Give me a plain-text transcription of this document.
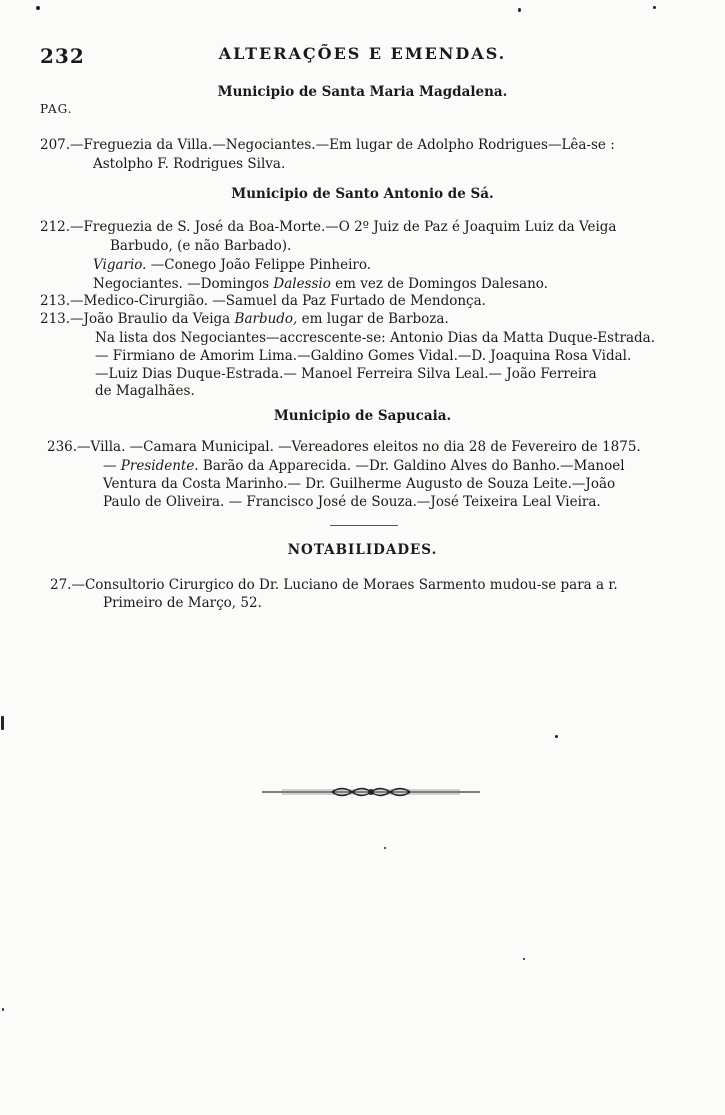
232	ALTERAÇÕES E EMENDAS.
Municipio de Santa Maria Magdalena.
PAG.
207.—Freguezia da Villa.—Negociantes.—Em lugar de Adolpho Rodrigues—Lêa-se :
Astolpho F. Rodrigues Silva.
Municipio de Santo Antonio de Sá.
212.—Freguezia de S. José da Boa-Morte.—O 2º Juiz de Paz é Joaquim Luiz da Veiga
Barbudo, (e não Barbado).
Vigario. —Conego João Felippe Pinheiro.
Negociantes. —Domingos Dalessio em vez de Domingos Dalesano.
213.—Medico-Cirurgião. —Samuel da Paz Furtado de Mendonça.
213.—João Braulio da Veiga Barbudo, em lugar de Barboza.
Na lista dos Negociantes—accrescente-se: Antonio Dias da Matta Duque-Estrada.
— Firmiano de Amorim Lima.—Galdino Gomes Vidal.—D. Joaquina Rosa Vidal.
—Luiz Dias Duque-Estrada.— Manoel Ferreira Silva Leal.— João Ferreira
de Magalhães.
Municipio de Sapucaia.
236.—Villa. —Camara Municipal. —Vereadores eleitos no dia 28 de Fevereiro de 1875.
— Presidente. Barão da Apparecida. —Dr. Galdino Alves do Banho.—Manoel
Ventura da Costa Marinho.— Dr. Guilherme Augusto de Souza Leite.—João
Paulo de Oliveira. — Francisco José de Souza.—José Teixeira Leal Vieira.
NOTABILIDADES.
27.—Consultorio Cirurgico do Dr. Luciano de Moraes Sarmento mudou-se para a r.
Primeiro de Março, 52.
